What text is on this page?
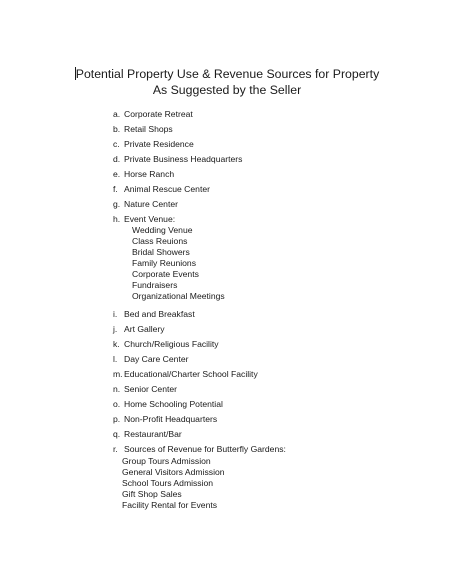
Potential Property Use & Revenue Sources for Property
As Suggested by the Seller
a. Corporate Retreat
b. Retail Shops
c. Private Residence
d. Private Business Headquarters
e. Horse Ranch
f. Animal Rescue Center
g. Nature Center
h. Event Venue:
Wedding Venue
Class Reuions
Bridal Showers
Family Reunions
Corporate Events
Fundraisers
Organizational Meetings
i. Bed and Breakfast
j. Art Gallery
k. Church/Religious Facility
l. Day Care Center
m. Educational/Charter School Facility
n. Senior Center
o. Home Schooling Potential
p. Non-Profit Headquarters
q. Restaurant/Bar
r. Sources of Revenue for Butterfly Gardens:
Group Tours Admission
General Visitors Admission
School Tours Admission
Gift Shop Sales
Facility Rental for Events
